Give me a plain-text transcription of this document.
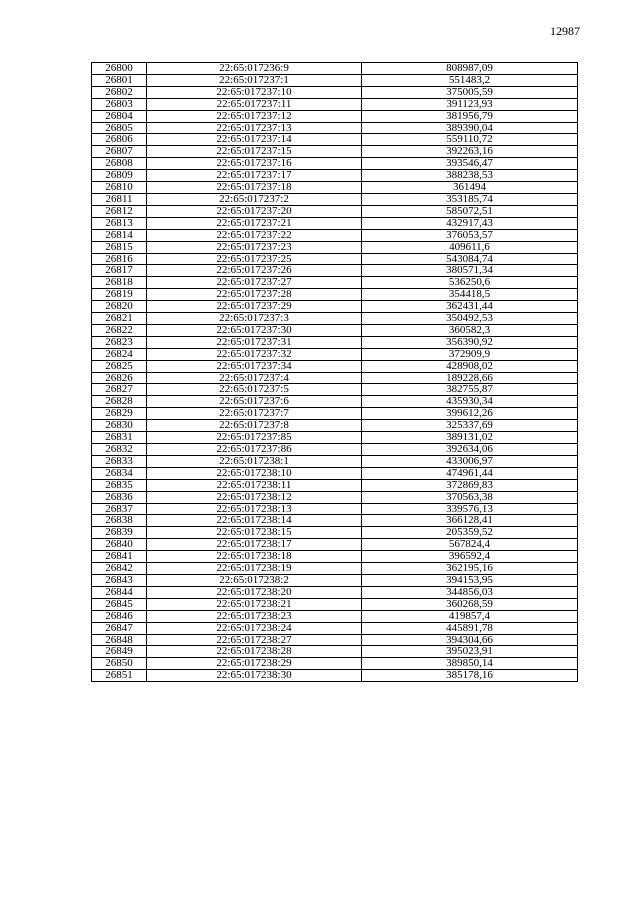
12987
26800	22:65:017236:9	808987,09
26801	22:65:017237:1	551483,2
26802	22:65:017237:10	375005,59
26803	22:65:017237:11	391123,93
26804	22:65:017237:12	381956,79
26805	22:65:017237:13	389390,04
26806	22:65:017237:14	559110,72
26807	22:65:017237:15	392263,16
26808	22:65:017237:16	393546,47
26809	22:65:017237:17	388238,53
26810	22:65:017237:18	361494
26811	22:65:017237:2	353185,74
26812	22:65:017237:20	585072,51
26813	22:65:017237:21	432917,43
26814	22:65:017237:22	376053,57
26815	22:65:017237:23	409611,6
26816	22:65:017237:25	543084,74
26817	22:65:017237:26	380571,34
26818	22:65:017237:27	536250,6
26819	22:65:017237:28	354418,5
26820	22:65:017237:29	362431,44
26821	22:65:017237:3	350492,53
26822	22:65:017237:30	360582,3
26823	22:65:017237:31	356390,92
26824	22:65:017237:32	372909,9
26825	22:65:017237:34	428908,02
26826	22:65:017237:4	189228,66
26827	22:65:017237:5	382755,87
26828	22:65:017237:6	435930,34
26829	22:65:017237:7	399612,26
26830	22:65:017237:8	325337,69
26831	22:65:017237:85	389131,02
26832	22:65:017237:86	392634,06
26833	22:65:017238:1	433006,97
26834	22:65:017238:10	474961,44
26835	22:65:017238:11	372869,83
26836	22:65:017238:12	370563,38
26837	22:65:017238:13	339576,13
26838	22:65:017238:14	366128,41
26839	22:65:017238:15	205359,52
26840	22:65:017238:17	567824,4
26841	22:65:017238:18	396592,4
26842	22:65:017238:19	362195,16
26843	22:65:017238:2	394153,95
26844	22:65:017238:20	344856,03
26845	22:65:017238:21	360268,59
26846	22:65:017238:23	419857,4
26847	22:65:017238:24	445891,78
26848	22:65:017238:27	394304,66
26849	22:65:017238:28	395023,91
26850	22:65:017238:29	389850,14
26851	22:65:017238:30	385178,16
